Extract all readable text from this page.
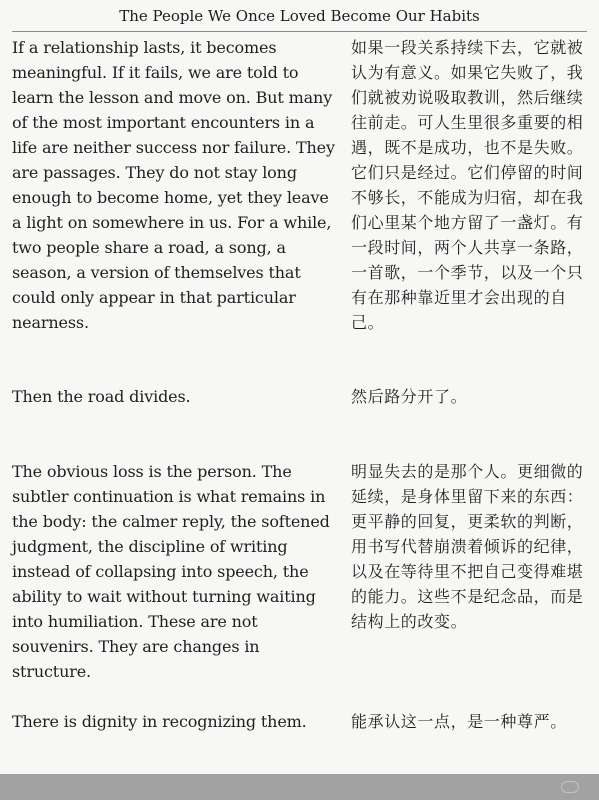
The People We Once Loved Become Our Habits

If a relationship lasts, it becomes meaningful. If it fails, we are told to learn the lesson and move on. But many of the most important encounters in a life are neither success nor failure. They are passages. They do not stay long enough to become home, yet they leave a light on somewhere in us. For a while, two people share a road, a song, a season, a version of themselves that could only appear in that particular nearness.

如果一段关系持续下去，它就被认为有意义。如果它失败了，我们就被劝说吸取教训，然后继续往前走。可人生里很多重要的相遇，既不是成功，也不是失败。它们只是经过。它们停留的时间不够长，不能成为归宿，却在我们心里某个地方留了一盏灯。有一段时间，两个人共享一条路，一首歌，一个季节，以及一个只有在那种靠近里才会出现的自己。

Then the road divides.	然后路分开了。

The obvious loss is the person. The subtler continuation is what remains in the body: the calmer reply, the softened judgment, the discipline of writing instead of collapsing into speech, the ability to wait without turning waiting into humiliation. These are not souvenirs. They are changes in structure.

明显失去的是那个人。更细微的延续，是身体里留下来的东西：更平静的回复，更柔软的判断，用书写代替崩溃着倾诉的纪律，以及在等待里不把自己变得难堪的能力。这些不是纪念品，而是结构上的改变。

There is dignity in recognizing them.	能承认这一点，是一种尊严。
